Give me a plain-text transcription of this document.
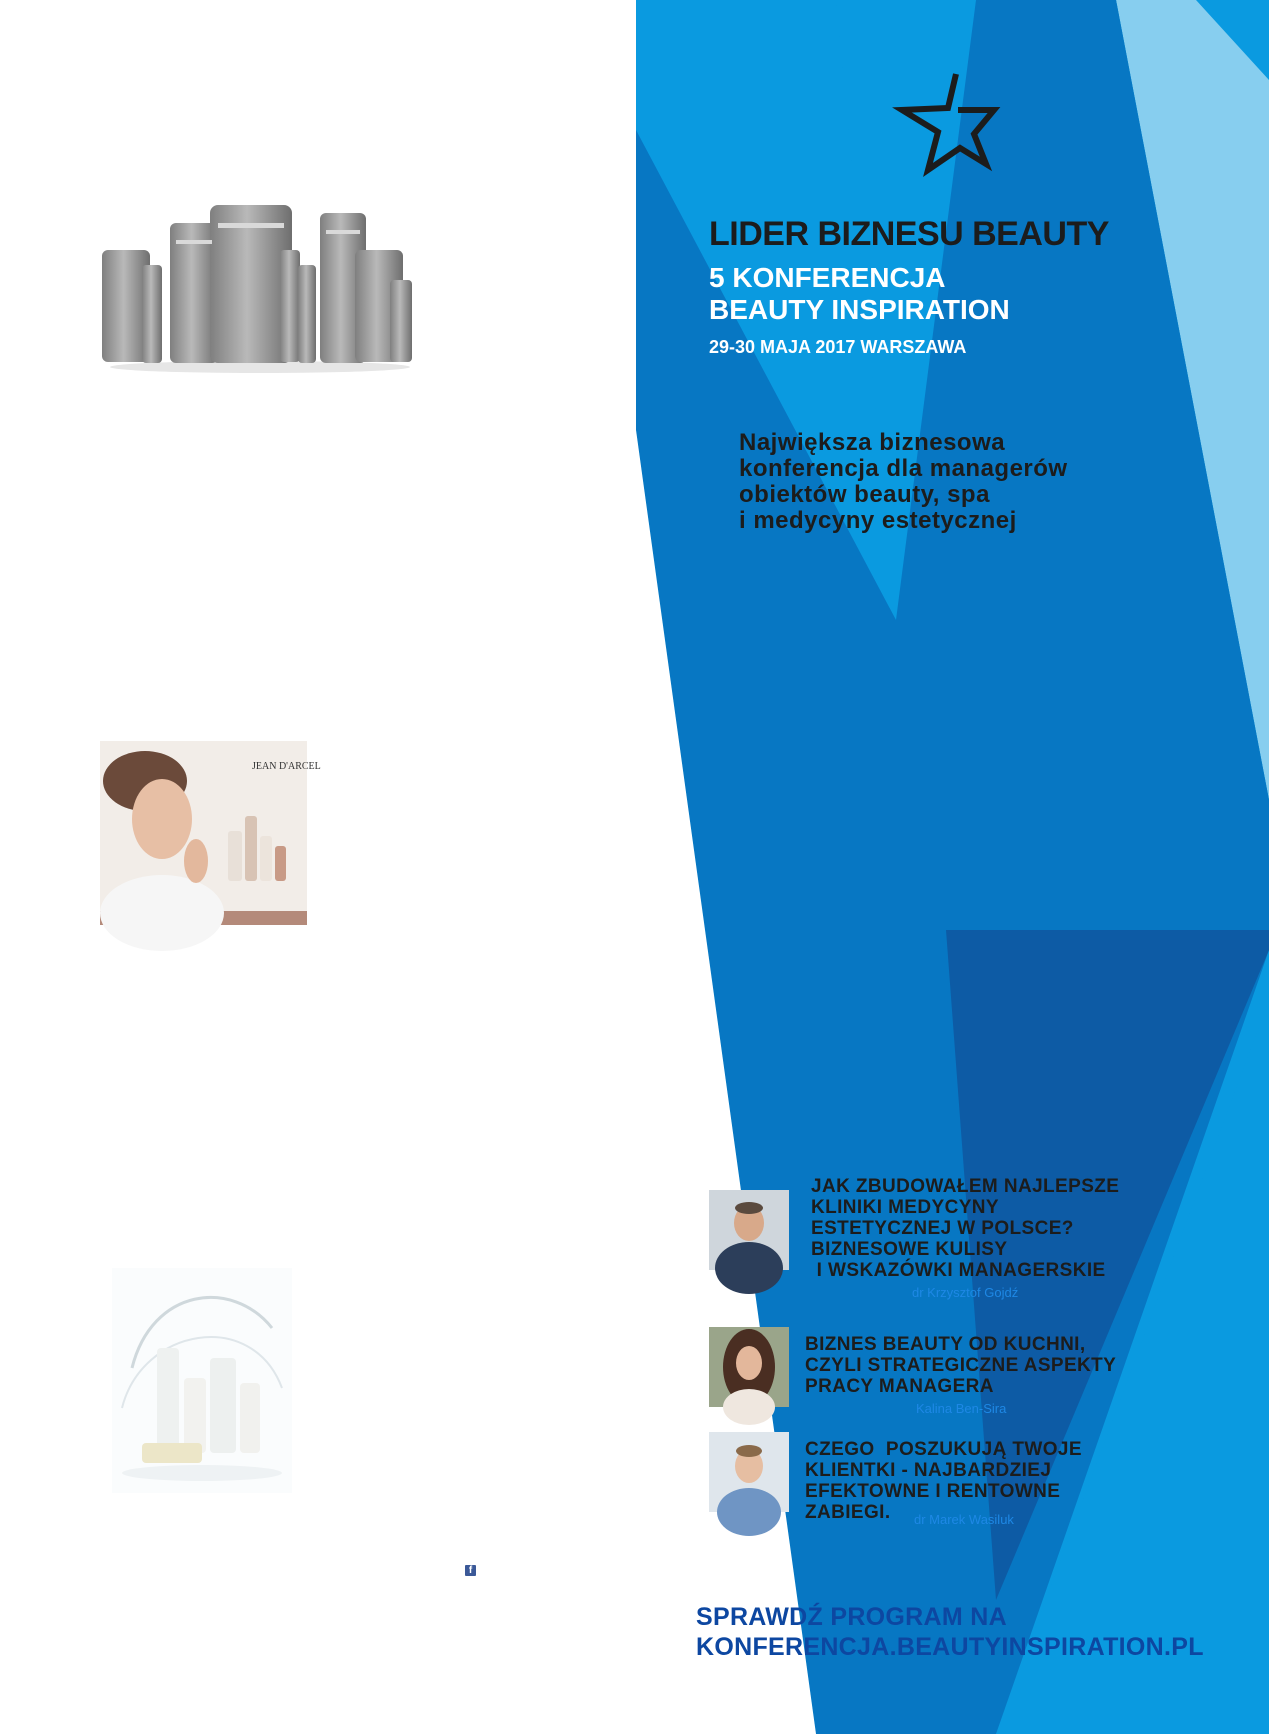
JEAN D'ARCEL
f
LIDER BIZNESU BEAUTY
5 KONFERENCJA
BEAUTY INSPIRATION
29-30 MAJA 2017 WARSZAWA
Największa biznesowa
konferencja dla managerów
obiektów beauty, spa
i medycyny estetycznej
JAK ZBUDOWAŁEM NAJLEPSZE
KLINIKI MEDYCYNY
ESTETYCZNEJ W POLSCE?
BIZNESOWE KULISY
I WSKAZÓWKI MANAGERSKIE
dr Krzysztof Gojdź
BIZNES BEAUTY OD KUCHNI,
CZYLI STRATEGICZNE ASPEKTY
PRACY MANAGERA
Kalina Ben-Sira
CZEGO  POSZUKUJĄ TWOJE
KLIENTKI - NAJBARDZIEJ
EFEKTOWNE I RENTOWNE
ZABIEGI.	dr Marek Wasiluk
SPRAWDŹ PROGRAM NA
KONFERENCJA.BEAUTYINSPIRATION.PL
